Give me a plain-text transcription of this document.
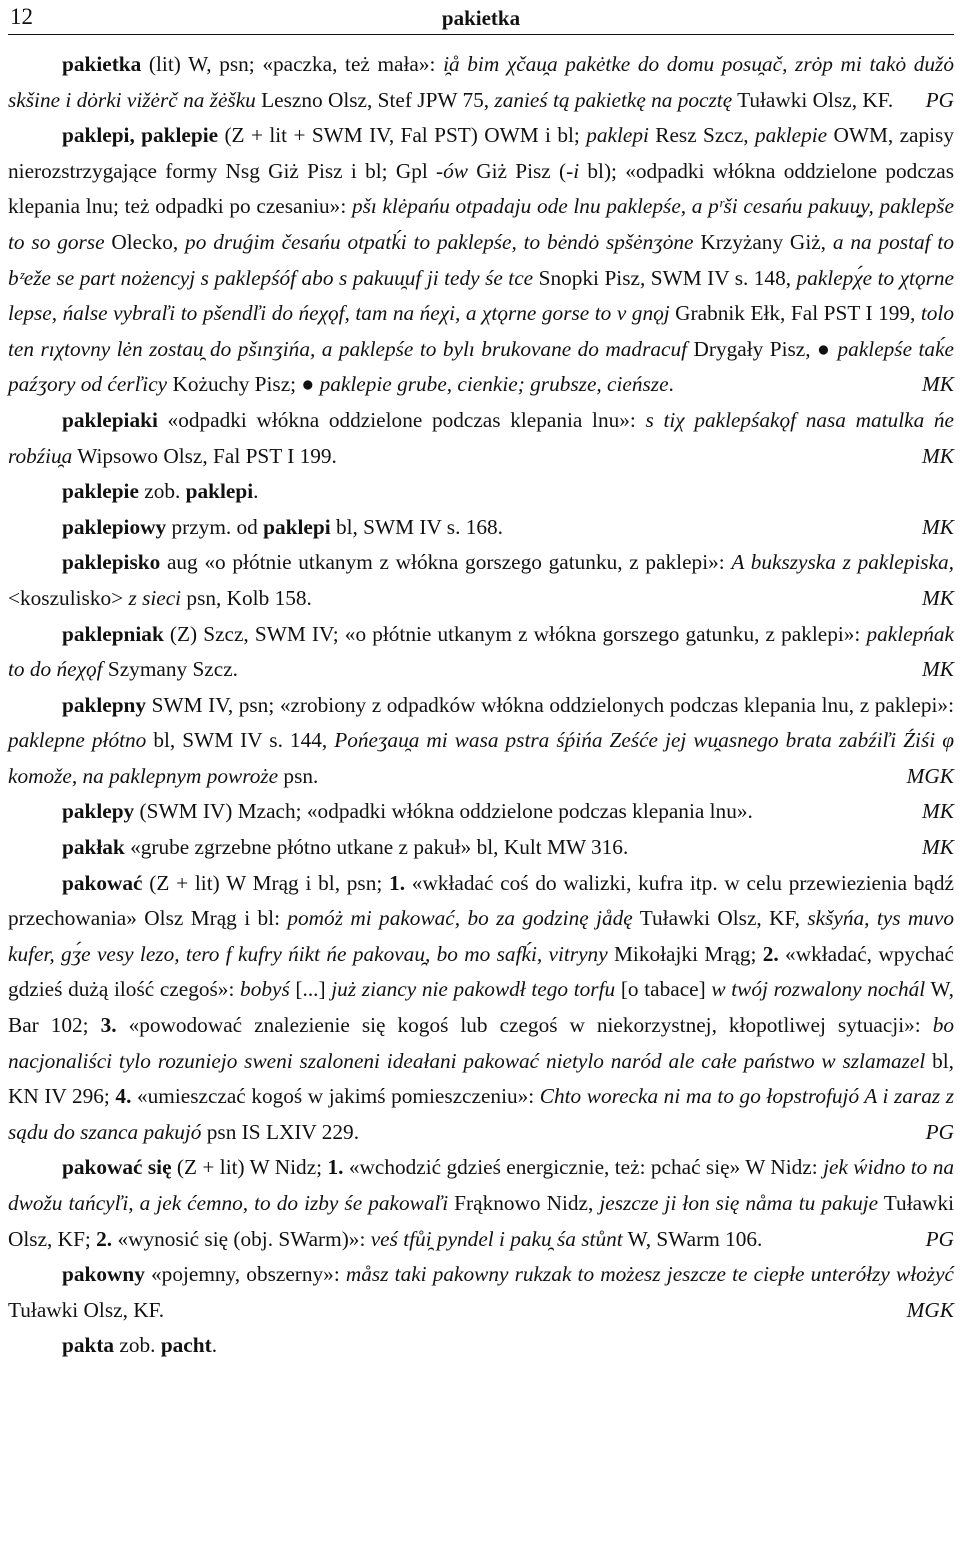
12	pakietka

pakietka (lit) W, psn; «paczka, też mała»: i̯å bim χčau̯a pakėtke do domu posu̯ač, zrȯp mi takȯ dužȯ skšine i dȯrki vižėrč na žėšku Leszno Olsz, Stef JPW 75, zanieś tą pakietkę na pocztę Tuławki Olsz, KF.	PG

paklepi, paklepie (Z + lit + SWM IV, Fal PST) OWM i bl; paklepi Resz Szcz, paklepie OWM, zapisy nierozstrzygające formy Nsg Giż Pisz i bl; Gpl -ów Giż Pisz (-i bl); «odpadki włókna oddzielone podczas klepania lnu; też odpadki po czesaniu»: pšı klėpańu otpadaju ode lnu paklepśe, a pʳši cesańu pakuu̯y, paklepše to so gorse Olecko, po druǵim česańu otpatḱi to paklepśe, to bėndȯ spšėnʒȯne Krzyżany Giż, a na postaf to bᶻeže se part nożencyj s paklepśóf abo s pakuu̯uf ji tedy śe tce Snopki Pisz, SWM IV s. 148, paklepχ́e to χtǫrne lepse, ńalse vybraľi to pšendľi do ńeχǫf, tam na ńeχi, a χtǫrne gorse to v gnǫj Grabnik Ełk, Fal PST I 199, tolo ten rıχtovny lėn zostau̯ do pšınʒińa, a paklepśe to bylı brukovane do madracuf Drygały Pisz, ● paklepśe taḱe paźʒory od ćerľicy Kożuchy Pisz; ● paklepie grube, cienkie; grubsze, cieńsze.	MK

paklepiaki «odpadki włókna oddzielone podczas klepania lnu»: s tiχ paklepśakǫf nasa matulka ńe robźiu̯a Wipsowo Olsz, Fal PST I 199.	MK

paklepie zob. paklepi.

paklepiowy przym. od paklepi bl, SWM IV s. 168.	MK

paklepisko aug «o płótnie utkanym z włókna gorszego gatunku, z paklepi»: A bukszyska z paklepiska, <koszulisko> z sieci psn, Kolb 158.	MK

paklepniak (Z) Szcz, SWM IV; «o płótnie utkanym z włókna gorszego gatunku, z paklepi»: paklepńak to do ńeχǫf Szymany Szcz.	MK

paklepny SWM IV, psn; «zrobiony z odpadków włókna oddzielonych podczas klepania lnu, z paklepi»: paklepne płótno bl, SWM IV s. 144, Pońeʒau̯a mi wasa pstra śṕińa Ześće jej wu̯asnego brata zabźiľi Źiśi φ komože, na paklepnym powroże psn.	MGK

paklepy (SWM IV) Mzach; «odpadki włókna oddzielone podczas klepania lnu».	MK

pakłak «grube zgrzebne płótno utkane z pakuł» bl, Kult MW 316.	MK

pakować (Z + lit) W Mrąg i bl, psn; 1. «wkładać coś do walizki, kufra itp. w celu przewiezienia bądź przechowania» Olsz Mrąg i bl: pomóż mi pakować, bo za godzinę jådę Tuławki Olsz, KF, skšyńa, tys muvo kufer, gʒ́e vesy lezo, tero f kufry ńikt ńe pakovau̯, bo mo safḱi, vitryny Mikołajki Mrąg; 2. «wkładać, wpychać gdzieś dużą ilość czegoś»: bobyś [...] już ziancy nie pakowdł tego torfu [o tabace] w twój rozwalony nochál W, Bar 102; 3. «powodować znalezienie się kogoś lub czegoś w niekorzystnej, kłopotliwej sytuacji»: bo nacjonaliści tylo rozuniejo sweni szaloneni ideałani pakować nietylo naród ale całe państwo w szlamazel bl, KN IV 296; 4. «umieszczać kogoś w jakimś pomieszczeniu»: Chto worecka ni ma to go łopstrofujó A i zaraz z sądu do szanca pakujó psn IS LXIV 229.	PG

pakować się (Z + lit) W Nidz; 1. «wchodzić gdzieś energicznie, też: pchać się» W Nidz: jek ẃidno to na dwožu tańcyľi, a jek ćemno, to do izby śe pakowaľi Frąknowo Nidz, jeszcze ji łon się nåma tu pakuje Tuławki Olsz, KF; 2. «wynosić się (obj. SWarm)»: veś tfůi̯ pyndel i paku̯ śa stůnt W, SWarm 106.	PG

pakowny «pojemny, obszerny»: måsz taki pakowny rukzak to możesz jeszcze te ciepłe unterółzy włożyć Tuławki Olsz, KF.	MGK

pakta zob. pacht.
